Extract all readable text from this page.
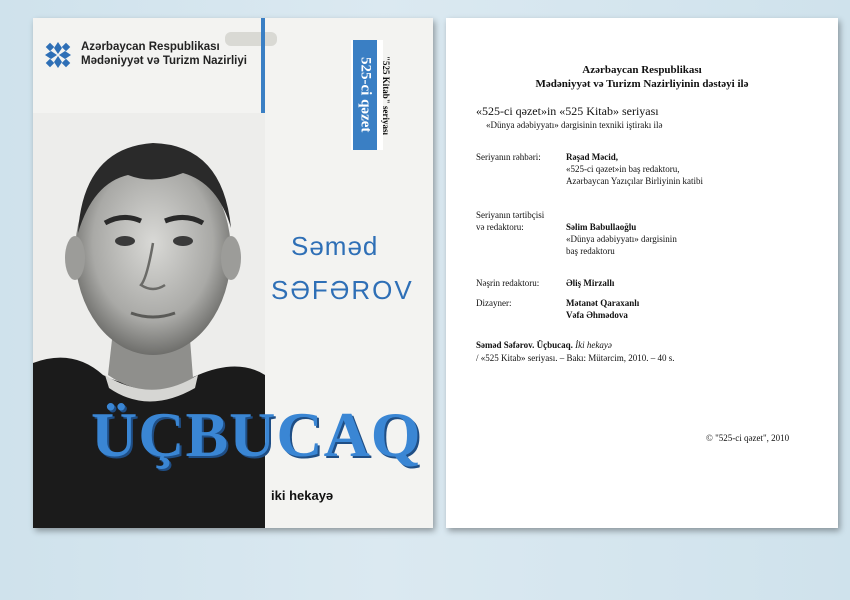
Azərbaycan Respublikası
Mədəniyyət və Turizm Nazirliyi	525-ci qəzet "525 Kitab" seriyası
Səməd
SƏFƏROV
ÜÇBUCAQ
iki hekayə
Azərbaycan Respublikası
Mədəniyyət və Turizm Nazirliyinin dəstəyi ilə
«525-ci qəzet»in «525 Kitab» seriyası
«Dünya ədəbiyyatı» dərgisinin texniki iştirakı ilə
Seriyanın rəhbəri:	Rəşad Məcid,
«525-ci qəzet»in baş redaktoru,
Azərbaycan Yazıçılar Birliyinin katibi
Seriyanın tərtibçisi
və redaktoru:	Səlim Babullaoğlu
«Dünya ədəbiyyatı» dərgisinin
baş redaktoru
Nəşrin redaktoru:	Əliş Mirzallı
Dizayner:	Mətanət Qaraxanlı
Vəfa Əhmədova
Səməd Səfərov. Üçbucaq. İki hekayə
/ «525 Kitab» seriyası. – Bakı: Mütərcim, 2010. – 40 s.
© "525-ci qəzet", 2010
